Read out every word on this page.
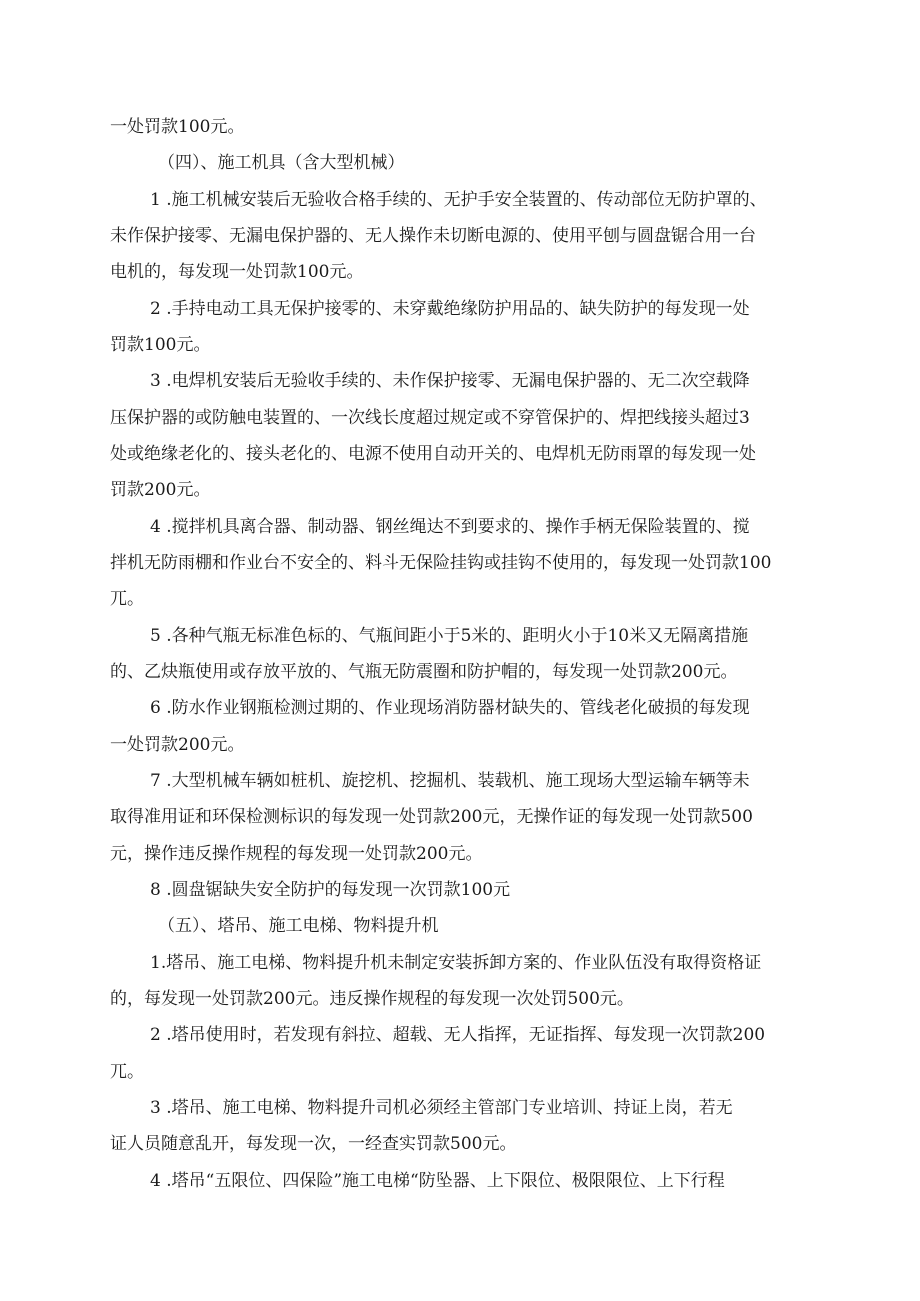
一处罚款100元。
（四）、施工机具（含大型机械）
1 .施工机械安装后无验收合格手续的、无护手安全装置的、传动部位无防护罩的、
未作保护接零、无漏电保护器的、无人操作未切断电源的、使用平刨与圆盘锯合用一台
电机的，每发现一处罚款100元。
2 .手持电动工具无保护接零的、未穿戴绝缘防护用品的、缺失防护的每发现一处
罚款100元。
3 .电焊机安装后无验收手续的、未作保护接零、无漏电保护器的、无二次空载降
压保护器的或防触电装置的、一次线长度超过规定或不穿管保护的、焊把线接头超过3
处或绝缘老化的、接头老化的、电源不使用自动开关的、电焊机无防雨罩的每发现一处
罚款200元。
4 .搅拌机具离合器、制动器、钢丝绳达不到要求的、操作手柄无保险装置的、搅
拌机无防雨棚和作业台不安全的、料斗无保险挂钩或挂钩不使用的，每发现一处罚款100
兀。
5 .各种气瓶无标准色标的、气瓶间距小于5米的、距明火小于10米又无隔离措施
的、乙炔瓶使用或存放平放的、气瓶无防震圈和防护帽的，每发现一处罚款200元。
6 .防水作业钢瓶检测过期的、作业现场消防器材缺失的、管线老化破损的每发现
一处罚款200元。
7 .大型机械车辆如桩机、旋挖机、挖掘机、装载机、施工现场大型运输车辆等未
取得准用证和环保检测标识的每发现一处罚款200元，无操作证的每发现一处罚款500
元，操作违反操作规程的每发现一处罚款200元。
8 .圆盘锯缺失安全防护的每发现一次罚款100元
（五）、塔吊、施工电梯、物料提升机
1.塔吊、施工电梯、物料提升机未制定安装拆卸方案的、作业队伍没有取得资格证
的，每发现一处罚款200元。违反操作规程的每发现一次处罚500元。
2 .塔吊使用时，若发现有斜拉、超载、无人指挥，无证指挥、每发现一次罚款200
兀。
3 .塔吊、施工电梯、物料提升司机必须经主管部门专业培训、持证上岗，若无
证人员随意乱开，每发现一次，一经查实罚款500元。
4 .塔吊“五限位、四保险”施工电梯“防坠器、上下限位、极限限位、上下行程
